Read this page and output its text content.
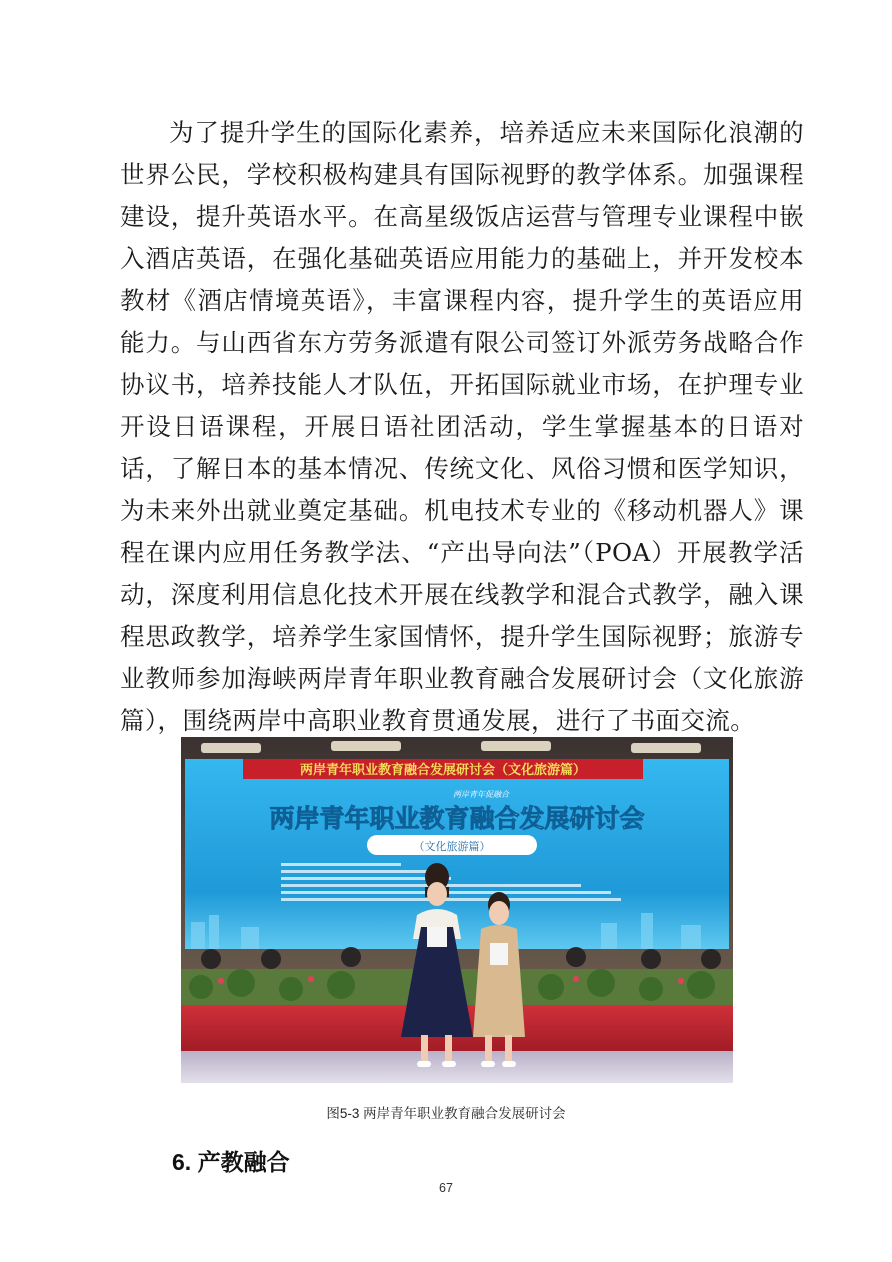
为了提升学生的国际化素养，培养适应未来国际化浪潮的世界公民，学校积极构建具有国际视野的教学体系。加强课程建设，提升英语水平。在高星级饭店运营与管理专业课程中嵌入酒店英语，在强化基础英语应用能力的基础上，并开发校本教材《酒店情境英语》，丰富课程内容，提升学生的英语应用能力。与山西省东方劳务派遣有限公司签订外派劳务战略合作协议书，培养技能人才队伍，开拓国际就业市场，在护理专业开设日语课程，开展日语社团活动，学生掌握基本的日语对话，了解日本的基本情况、传统文化、风俗习惯和医学知识，为未来外出就业奠定基础。机电技术专业的《移动机器人》课程在课内应用任务教学法、“产出导向法”（POA）开展教学活动，深度利用信息化技术开展在线教学和混合式教学，融入课程思政教学，培养学生家国情怀，提升学生国际视野；旅游专业教师参加海峡两岸青年职业教育融合发展研讨会（文化旅游篇），围绕两岸中高职业教育贯通发展，进行了书面交流。

两岸青年职业教育融合发展研讨会（文化旅游篇）
两岸青年促融合
两岸青年职业教育融合发展研讨会
（文化旅游篇）
图5-3 两岸青年职业教育融合发展研讨会
6. 产教融合
67
